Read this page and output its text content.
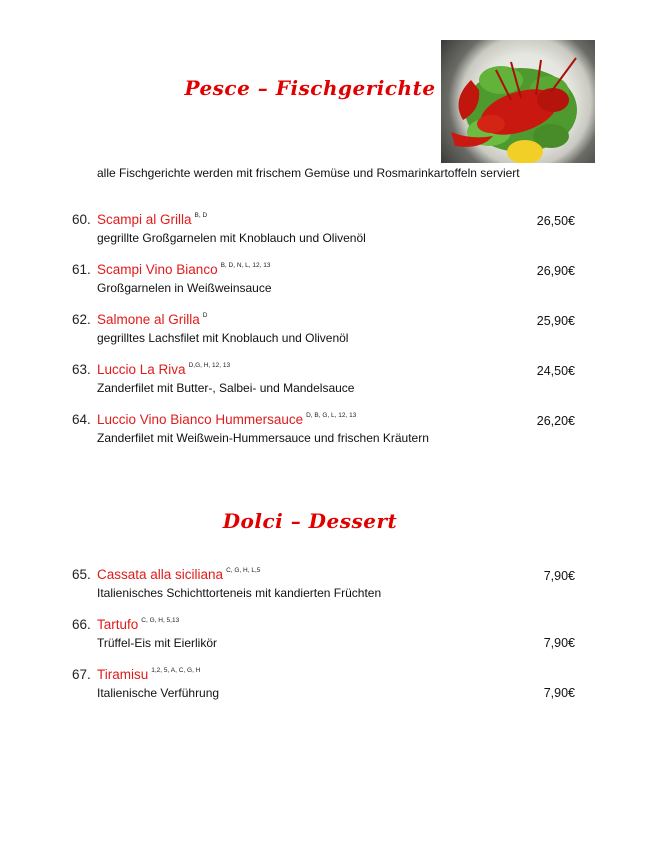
Pesce – Fischgerichte
alle Fischgerichte werden mit frischem Gemüse und Rosmarinkartoffeln serviert
60. Scampi al Grilla $^{B, D}$	26,50€
gegrillte Großgarnelen mit Knoblauch und Olivenöl
61. Scampi Vino Bianco $^{B, D, N, L, 12, 13}$	26,90€
Großgarnelen in Weißweinsauce
62. Salmone al Grilla $^D$	25,90€
gegrilltes Lachsfilet mit Knoblauch und Olivenöl
63. Luccio La Riva $^{D,G, H, 12, 13}$	24,50€
Zanderfilet mit Butter-, Salbei- und Mandelsauce
64. Luccio Vino Bianco Hummersauce $^{D, B, G, L, 12, 13}$	26,20€
Zanderfilet mit Weißwein-Hummersauce und frischen Kräutern
Dolci – Dessert
65. Cassata alla siciliana $^{C, G, H, L,5}$	7,90€
Italienisches Schichttorteneis mit kandierten Früchten
66. Tartufo $^{C, G, H, 5,13}$
7,90€
Trüffel-Eis mit Eierlikör
67. Tiramisu $^{1,2, 5, A, C, G, H}$
7,90€
Italienische Verführung
